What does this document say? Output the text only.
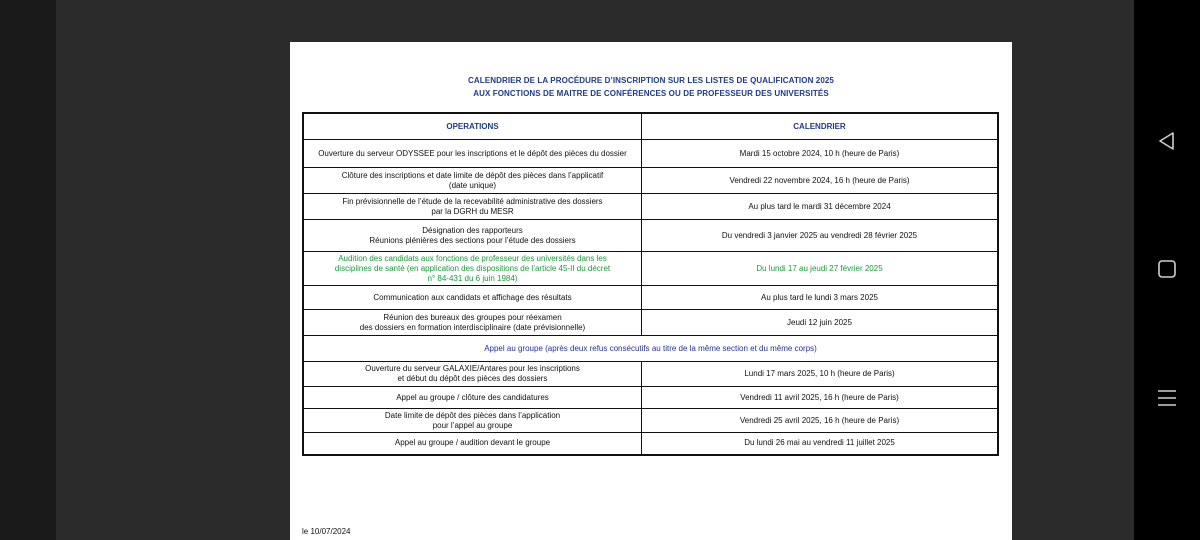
CALENDRIER DE LA PROCÉDURE D’INSCRIPTION SUR LES LISTES DE QUALIFICATION 2025
AUX FONCTIONS DE MAITRE DE CONFÉRENCES OU DE PROFESSEUR DES UNIVERSITÉS
OPERATIONS	CALENDRIER

Ouverture du serveur ODYSSEE pour les inscriptions et le dépôt des pièces du dossier	Mardi 15 octobre 2024, 10 h (heure de Paris)

Clôture des inscriptions et date limite de dépôt des pièces dans l’applicatif
(date unique)	Vendredi 22 novembre 2024, 16 h (heure de Paris)

Fin prévisionnelle de l’étude de la recevabilité administrative des dossiers
par la DGRH du MESR	Au plus tard le mardi 31 décembre 2024

Désignation des rapporteurs
Réunions plénières des sections pour l’étude des dossiers	Du vendredi 3 janvier 2025 au vendredi 28 février 2025

Audition des candidats aux fonctions de professeur des universités dans les
disciplines de santé (en application des dispositions de l’article 45-II du décret
n° 84-431 du 6 juin 1984)	Du lundi 17 au jeudi 27 février 2025

Communication aux candidats et affichage des résultats	Au plus tard le lundi 3 mars 2025

Réunion des bureaux des groupes pour réexamen
des dossiers en formation interdisciplinaire (date prévisionnelle)	Jeudi 12 juin 2025
Appel au groupe (après deux refus consécutifs au titre de la même section et du même corps)	

Ouverture du serveur GALAXIE/Antares pour les inscriptions
et début du dépôt des pièces des dossiers	Lundi 17 mars 2025, 10 h (heure de Paris)

Appel au groupe / clôture des candidatures	Vendredi 11 avril 2025, 16 h (heure de Paris)

Date limite de dépôt des pièces dans l’application
pour l’appel au groupe	Vendredi 25 avril 2025, 16 h (heure de Paris)

Appel au groupe / audition devant le groupe	Du lundi 26 mai au vendredi 11 juillet 2025
le 10/07/2024
